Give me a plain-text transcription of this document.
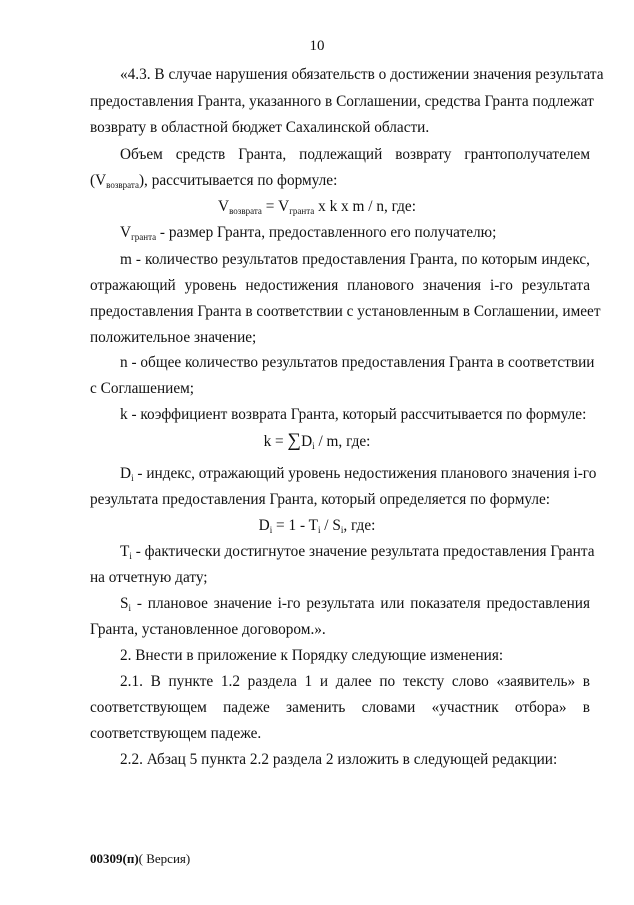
10
«4.3. В случае нарушения обязательств о достижении значения результата
предоставления Гранта, указанного в Соглашении, средства Гранта подлежат
возврату в областной бюджет Сахалинской области.
Объем средств Гранта, подлежащий возврату грантополучателем
$(V_{возврата})$, рассчитывается по формуле:
$V_{возврата} = V_{гранта}$ x k x m / n, где:
$V_{гранта}$ - размер Гранта, предоставленного его получателю;
m - количество результатов предоставления Гранта, по которым индекс,
отражающий уровень недостижения планового значения i-го результата
предоставления Гранта в соответствии с установленным в Соглашении, имеет
положительное значение;
n - общее количество результатов предоставления Гранта в соответствии
с Соглашением;
k - коэффициент возврата Гранта, который рассчитывается по формуле:
$k = \sum D_i / m$, где:
$D_i$ - индекс, отражающий уровень недостижения планового значения i-го
результата предоставления Гранта, который определяется по формуле:
$D_i = 1 - T_i / S_i$, где:
$T_i$ - фактически достигнутое значение результата предоставления Гранта
на отчетную дату;
$S_i$ - плановое значение i-го результата или показателя предоставления
Гранта, установленное договором.».
2. Внести в приложение к Порядку следующие изменения:
2.1. В пункте 1.2 раздела 1 и далее по тексту слово «заявитель» в
соответствующем падеже заменить словами «участник отбора» в
соответствующем падеже.
2.2. Абзац 5 пункта 2.2 раздела 2 изложить в следующей редакции:
00309(п)( Версия)
